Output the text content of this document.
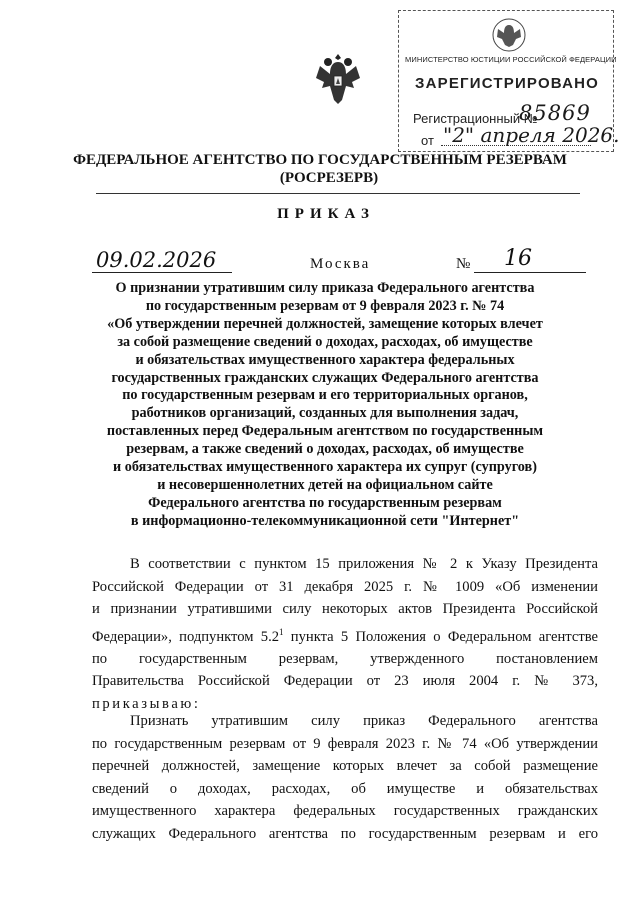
МИНИСТЕРСТВО ЮСТИЦИИ РОССИЙСКОЙ ФЕДЕРАЦИИ
ЗАРЕГИСТРИРОВАНО
Регистрационный №
85869
от "2" апреля 2026.
ФЕДЕРАЛЬНОЕ АГЕНТСТВО ПО ГОСУДАРСТВЕННЫМ РЕЗЕРВАМ
(РОСРЕЗЕРВ)
ПРИКАЗ
09.02.2026	Москва	№ 16
О признании утратившим силу приказа Федерального агентства
по государственным резервам от 9 февраля 2023 г. № 74
«Об утверждении перечней должностей, замещение которых влечет
за собой размещение сведений о доходах, расходах, об имуществе
и обязательствах имущественного характера федеральных
государственных гражданских служащих Федерального агентства
по государственным резервам и его территориальных органов,
работников организаций, созданных для выполнения задач,
поставленных перед Федеральным агентством по государственным
резервам, а также сведений о доходах, расходах, об имуществе
и обязательствах имущественного характера их супруг (супругов)
и несовершеннолетних детей на официальном сайте
Федерального агентства по государственным резервам
в информационно-телекоммуникационной сети "Интернет"
В соответствии с пунктом 15 приложения № 2 к Указу Президента
Российской Федерации от 31 декабря 2025 г. № 1009 «Об изменении
и признании утратившими силу некоторых актов Президента Российской
Федерации», подпунктом $5.2^1$ пункта 5 Положения о Федеральном агентстве
по государственным резервам, утвержденного постановлением
Правительства Российской Федерации от 23 июля 2004 г. № 373,
приказываю:
Признать утратившим силу приказ Федерального агентства
по государственным резервам от 9 февраля 2023 г. № 74 «Об утверждении
перечней должностей, замещение которых влечет за собой размещение
сведений о доходах, расходах, об имуществе и обязательствах
имущественного характера федеральных государственных гражданских
служащих Федерального агентства по государственным резервам и его
